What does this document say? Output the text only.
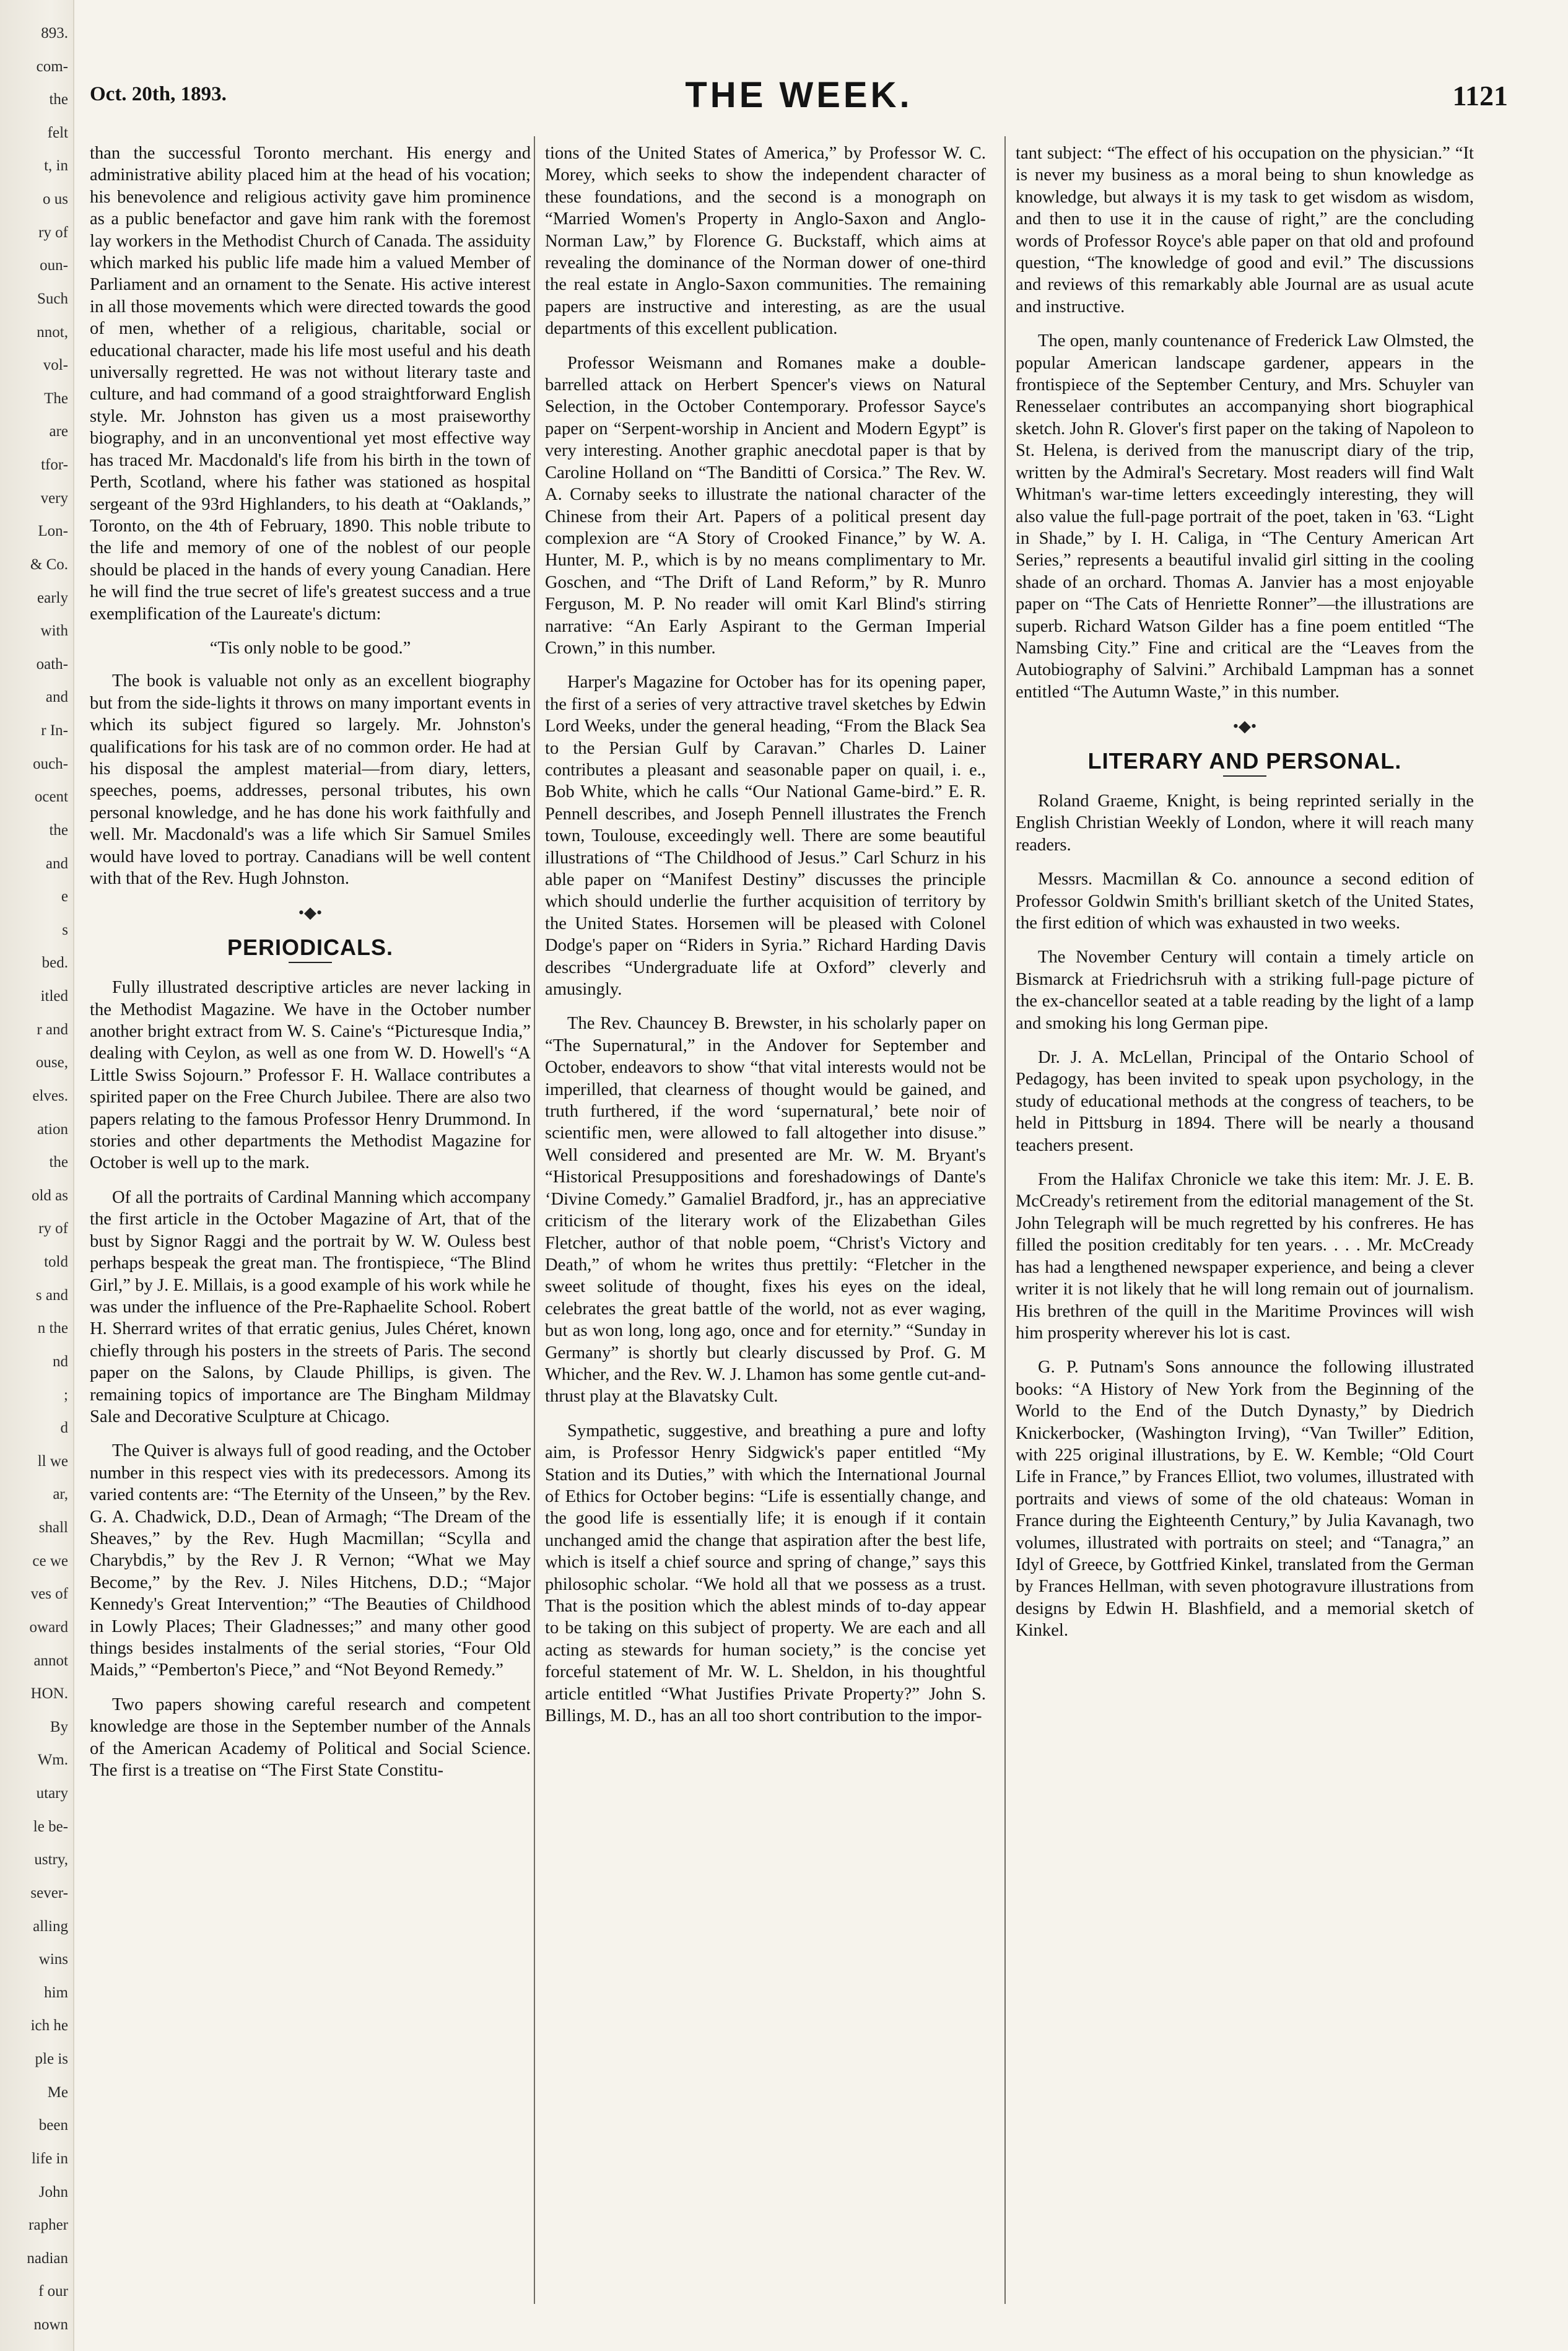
893.
com-
the
felt
t, in
o us
ry of
oun-
Such
nnot,
vol-
The
are
tfor-
very
Lon-
& Co.
early
with
oath-
and
r In-
ouch-
ocent
the
and
e
s
bed.
itled
r and
ouse,
elves.
ation
the
old as
ry of
told
s and
n the
nd
;
d
ll we
ar,
shall
ce we
ves of
oward
annot
HON.
By
Wm.
utary
le be-
ustry,
sever-
alling
wins
him
ich he
ple is
Me
been
life in
John
rapher
nadian
f our
nown
Oct. 20th, 1893.	THE WEEK.	1121

than the successful Toronto merchant. His energy and administrative ability placed him at the head of his vocation; his benevolence and religious activity gave him prominence as a public benefactor and gave him rank with the foremost lay workers in the Methodist Church of Canada. The assiduity which marked his public life made him a valued Member of Parliament and an ornament to the Senate. His active interest in all those movements which were directed towards the good of men, whether of a religious, charitable, social or educational character, made his life most useful and his death universally regretted. He was not without literary taste and culture, and had command of a good straightforward English style. Mr. Johnston has given us a most praiseworthy biography, and in an unconventional yet most effective way has traced Mr. Macdonald's life from his birth in the town of Perth, Scotland, where his father was stationed as hospital sergeant of the 93rd Highlanders, to his death at “Oaklands,” Toronto, on the 4th of February, 1890. This noble tribute to the life and memory of one of the noblest of our people should be placed in the hands of every young Canadian. Here he will find the true secret of life's greatest success and a true exemplification of the Laureate's dictum:

“Tis only noble to be good.”

The book is valuable not only as an excellent biography but from the side-lights it throws on many important events in which its subject figured so largely. Mr. Johnston's qualifications for his task are of no common order. He had at his disposal the amplest material—from diary, letters, speeches, poems, addresses, personal tributes, his own personal knowledge, and he has done his work faithfully and well. Mr. Macdonald's was a life which Sir Samuel Smiles would have loved to portray. Canadians will be well content with that of the Rev. Hugh Johnston.

•◆•
PERIODICALS.

Fully illustrated descriptive articles are never lacking in the Methodist Magazine. We have in the October number another bright extract from W. S. Caine's “Picturesque India,” dealing with Ceylon, as well as one from W. D. Howell's “A Little Swiss Sojourn.” Professor F. H. Wallace contributes a spirited paper on the Free Church Jubilee. There are also two papers relating to the famous Professor Henry Drummond. In stories and other departments the Methodist Magazine for October is well up to the mark.

Of all the portraits of Cardinal Manning which accompany the first article in the October Magazine of Art, that of the bust by Signor Raggi and the portrait by W. W. Ouless best perhaps bespeak the great man. The frontispiece, “The Blind Girl,” by J. E. Millais, is a good example of his work while he was under the influence of the Pre-Raphaelite School. Robert H. Sherrard writes of that erratic genius, Jules Chéret, known chiefly through his posters in the streets of Paris. The second paper on the Salons, by Claude Phillips, is given. The remaining topics of importance are The Bingham Mildmay Sale and Decorative Sculpture at Chicago.

The Quiver is always full of good reading, and the October number in this respect vies with its predecessors. Among its varied contents are: “The Eternity of the Unseen,” by the Rev. G. A. Chadwick, D.D., Dean of Armagh; “The Dream of the Sheaves,” by the Rev. Hugh Macmillan; “Scylla and Charybdis,” by the Rev J. R Vernon; “What we May Become,” by the Rev. J. Niles Hitchens, D.D.; “Major Kennedy's Great Intervention;” “The Beauties of Childhood in Lowly Places; Their Gladnesses;” and many other good things besides instalments of the serial stories, “Four Old Maids,” “Pemberton's Piece,” and “Not Beyond Remedy.”

Two papers showing careful research and competent knowledge are those in the September number of the Annals of the American Academy of Political and Social Science. The first is a treatise on “The First State Constitu-

tions of the United States of America,” by Professor W. C. Morey, which seeks to show the independent character of these foundations, and the second is a monograph on “Married Women's Property in Anglo-Saxon and Anglo-Norman Law,” by Florence G. Buckstaff, which aims at revealing the dominance of the Norman dower of one-third the real estate in Anglo-Saxon communities. The remaining papers are instructive and interesting, as are the usual departments of this excellent publication.

Professor Weismann and Romanes make a double-barrelled attack on Herbert Spencer's views on Natural Selection, in the October Contemporary. Professor Sayce's paper on “Serpent-worship in Ancient and Modern Egypt” is very interesting. Another graphic anecdotal paper is that by Caroline Holland on “The Banditti of Corsica.” The Rev. W. A. Cornaby seeks to illustrate the national character of the Chinese from their Art. Papers of a political present day complexion are “A Story of Crooked Finance,” by W. A. Hunter, M. P., which is by no means complimentary to Mr. Goschen, and “The Drift of Land Reform,” by R. Munro Ferguson, M. P. No reader will omit Karl Blind's stirring narrative: “An Early Aspirant to the German Imperial Crown,” in this number.

Harper's Magazine for October has for its opening paper, the first of a series of very attractive travel sketches by Edwin Lord Weeks, under the general heading, “From the Black Sea to the Persian Gulf by Caravan.” Charles D. Lainer contributes a pleasant and seasonable paper on quail, i. e., Bob White, which he calls “Our National Game-bird.” E. R. Pennell describes, and Joseph Pennell illustrates the French town, Toulouse, exceedingly well. There are some beautiful illustrations of “The Childhood of Jesus.” Carl Schurz in his able paper on “Manifest Destiny” discusses the principle which should underlie the further acquisition of territory by the United States. Horsemen will be pleased with Colonel Dodge's paper on “Riders in Syria.” Richard Harding Davis describes “Undergraduate life at Oxford” cleverly and amusingly.

The Rev. Chauncey B. Brewster, in his scholarly paper on “The Supernatural,” in the Andover for September and October, endeavors to show “that vital interests would not be imperilled, that clearness of thought would be gained, and truth furthered, if the word ‘supernatural,’ bete noir of scientific men, were allowed to fall altogether into disuse.” Well considered and presented are Mr. W. M. Bryant's “Historical Presuppositions and foreshadowings of Dante's ‘Divine Comedy.” Gamaliel Bradford, jr., has an appreciative criticism of the literary work of the Elizabethan Giles Fletcher, author of that noble poem, “Christ's Victory and Death,” of whom he writes thus prettily: “Fletcher in the sweet solitude of thought, fixes his eyes on the ideal, celebrates the great battle of the world, not as ever waging, but as won long, long ago, once and for eternity.” “Sunday in Germany” is shortly but clearly discussed by Prof. G. M Whicher, and the Rev. W. J. Lhamon has some gentle cut-and-thrust play at the Blavatsky Cult.

Sympathetic, suggestive, and breathing a pure and lofty aim, is Professor Henry Sidgwick's paper entitled “My Station and its Duties,” with which the International Journal of Ethics for October begins: “Life is essentially change, and the good life is essentially life; it is enough if it contain unchanged amid the change that aspiration after the best life, which is itself a chief source and spring of change,” says this philosophic scholar. “We hold all that we possess as a trust. That is the position which the ablest minds of to-day appear to be taking on this subject of property. We are each and all acting as stewards for human society,” is the concise yet forceful statement of Mr. W. L. Sheldon, in his thoughtful article entitled “What Justifies Private Property?” John S. Billings, M. D., has an all too short contribution to the impor-

tant subject: “The effect of his occupation on the physician.” “It is never my business as a moral being to shun knowledge as knowledge, but always it is my task to get wisdom as wisdom, and then to use it in the cause of right,” are the concluding words of Professor Royce's able paper on that old and profound question, “The knowledge of good and evil.” The discussions and reviews of this remarkably able Journal are as usual acute and instructive.

The open, manly countenance of Frederick Law Olmsted, the popular American landscape gardener, appears in the frontispiece of the September Century, and Mrs. Schuyler van Renesselaer contributes an accompanying short biographical sketch. John R. Glover's first paper on the taking of Napoleon to St. Helena, is derived from the manuscript diary of the trip, written by the Admiral's Secretary. Most readers will find Walt Whitman's war-time letters exceedingly interesting, they will also value the full-page portrait of the poet, taken in '63. “Light in Shade,” by I. H. Caliga, in “The Century American Art Series,” represents a beautiful invalid girl sitting in the cooling shade of an orchard. Thomas A. Janvier has a most enjoyable paper on “The Cats of Henriette Ronner”—the illustrations are superb. Richard Watson Gilder has a fine poem entitled “The Namsbing City.” Fine and critical are the “Leaves from the Autobiography of Salvini.” Archibald Lampman has a sonnet entitled “The Autumn Waste,” in this number.

•◆•
LITERARY AND PERSONAL.

Roland Graeme, Knight, is being reprinted serially in the English Christian Weekly of London, where it will reach many readers.

Messrs. Macmillan & Co. announce a second edition of Professor Goldwin Smith's brilliant sketch of the United States, the first edition of which was exhausted in two weeks.

The November Century will contain a timely article on Bismarck at Friedrichsruh with a striking full-page picture of the ex-chancellor seated at a table reading by the light of a lamp and smoking his long German pipe.

Dr. J. A. McLellan, Principal of the Ontario School of Pedagogy, has been invited to speak upon psychology, in the study of educational methods at the congress of teachers, to be held in Pittsburg in 1894. There will be nearly a thousand teachers present.

From the Halifax Chronicle we take this item: Mr. J. E. B. McCready's retirement from the editorial management of the St. John Telegraph will be much regretted by his confreres. He has filled the position creditably for ten years. . . . Mr. McCready has had a lengthened newspaper experience, and being a clever writer it is not likely that he will long remain out of journalism. His brethren of the quill in the Maritime Provinces will wish him prosperity wherever his lot is cast.

G. P. Putnam's Sons announce the following illustrated books: “A History of New York from the Beginning of the World to the End of the Dutch Dynasty,” by Diedrich Knickerbocker, (Washington Irving), “Van Twiller” Edition, with 225 original illustrations, by E. W. Kemble; “Old Court Life in France,” by Frances Elliot, two volumes, illustrated with portraits and views of some of the old chateaus: Woman in France during the Eighteenth Century,” by Julia Kavanagh, two volumes, illustrated with portraits on steel; and “Tanagra,” an Idyl of Greece, by Gottfried Kinkel, translated from the German by Frances Hellman, with seven photogravure illustrations from designs by Edwin H. Blashfield, and a memorial sketch of Kinkel.
